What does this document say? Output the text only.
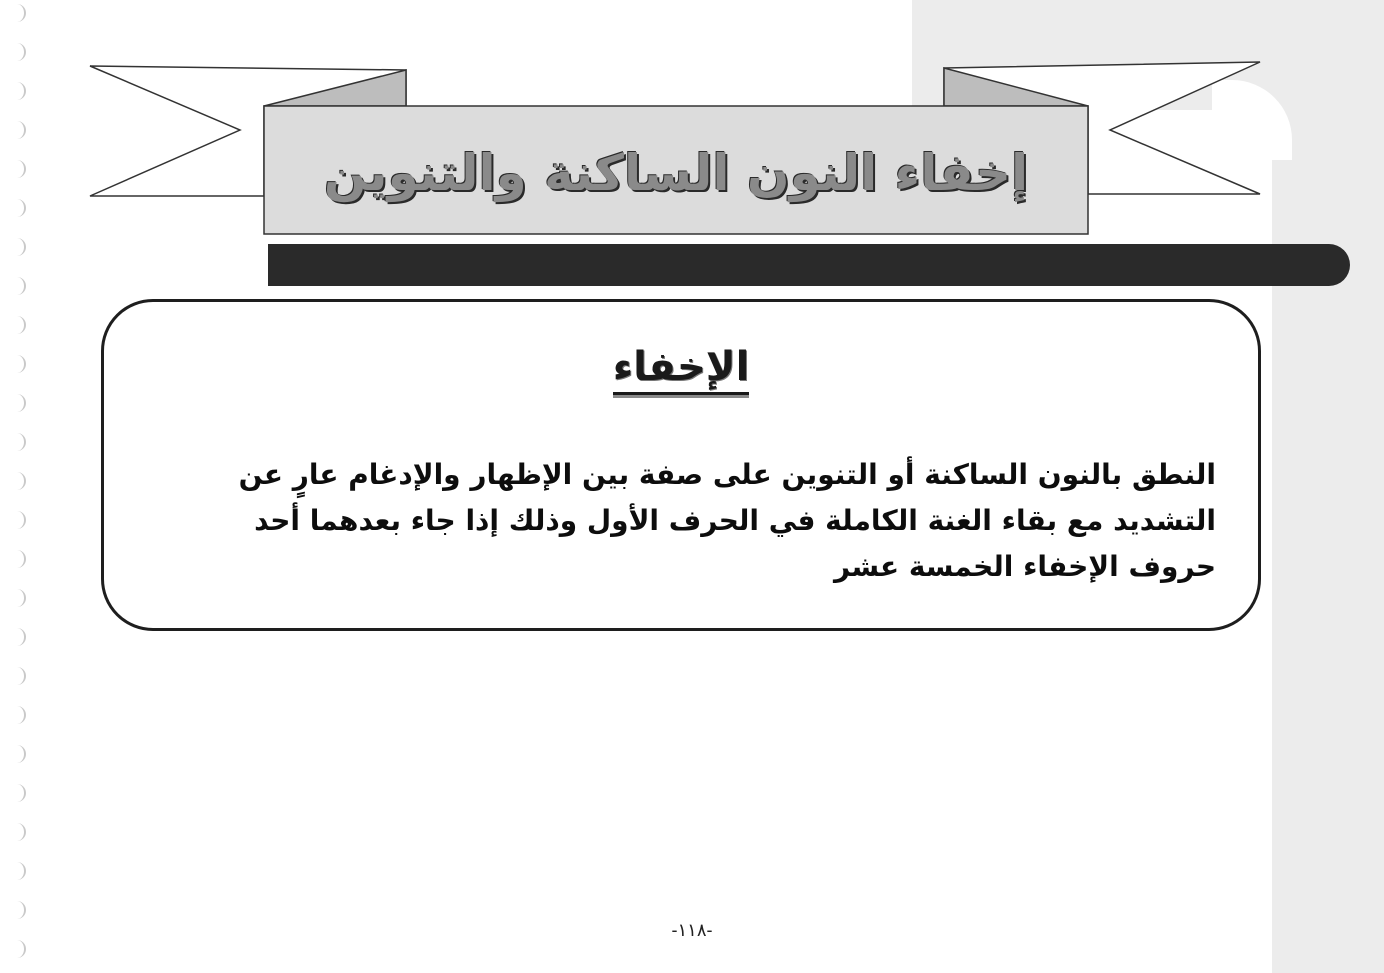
إخفاء النون الساكنة والتنوين
الإخفاء
النطق بالنون الساكنة أو التنوين على صفة بين الإظهار والإدغام عارٍ عن التشديد مع بقاء الغنة الكاملة في الحرف الأول وذلك إذا جاء بعدهما أحد حروف الإخفاء الخمسة عشر
-١١٨-
